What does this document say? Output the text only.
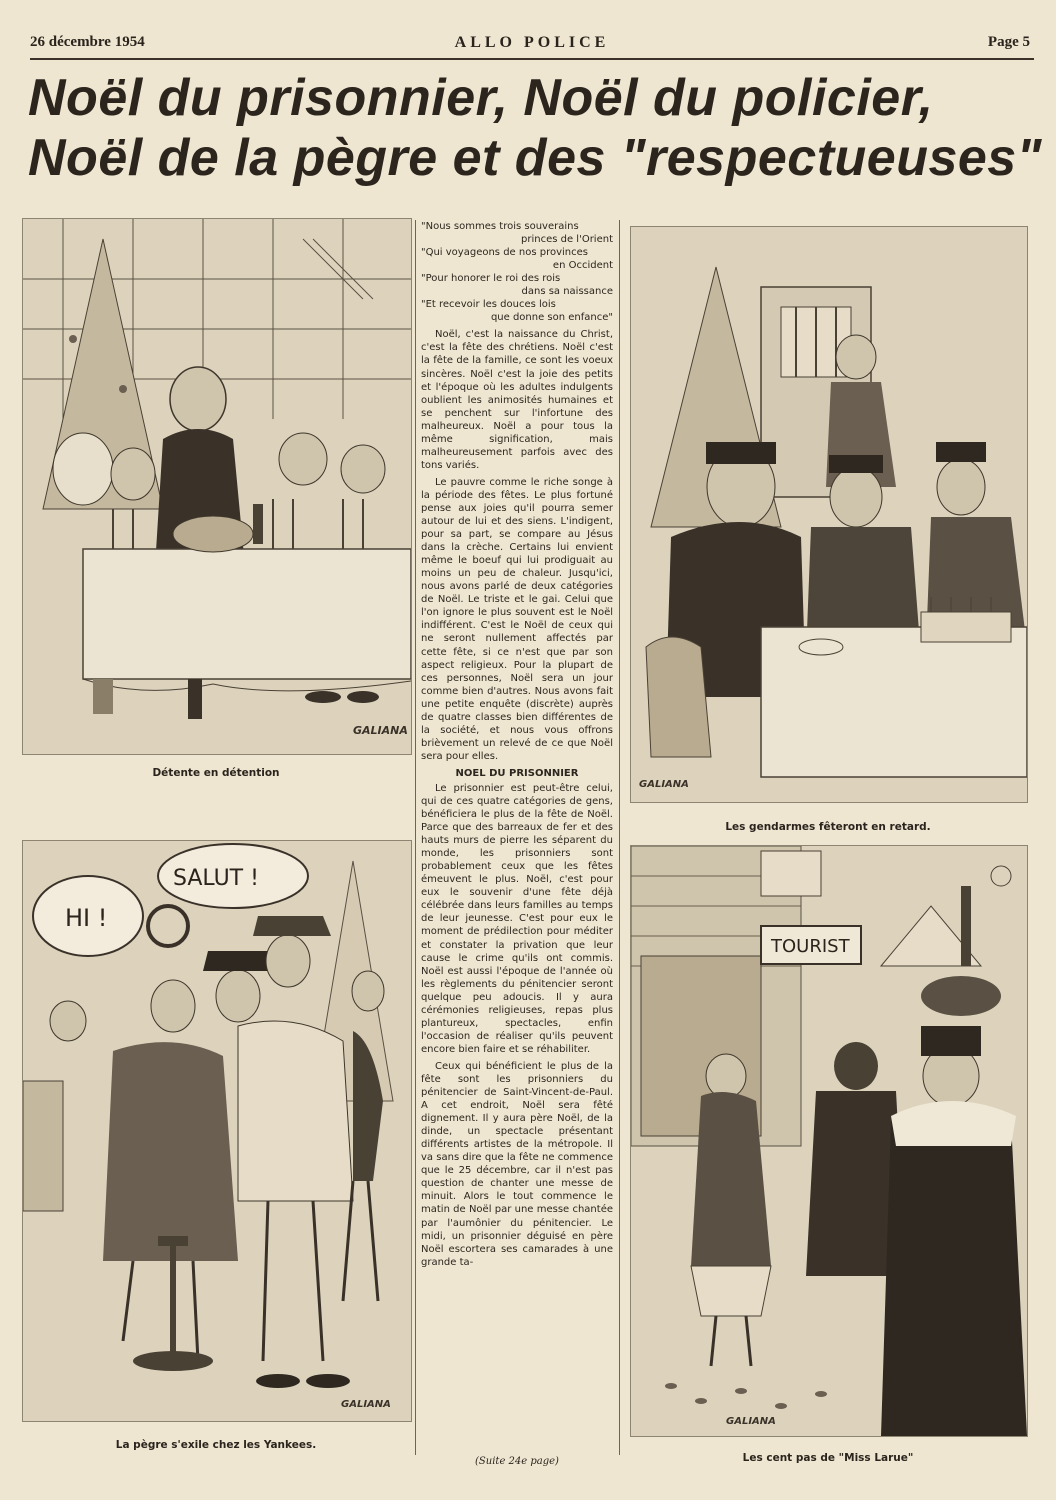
26 décembre 1954	ALLO POLICE	Page 5
Noël du prisonnier, Noël du policier,
Noël de la pègre et des "respectueuses"
GALIANA
Détente en détention
GALIANA
Les gendarmes fêteront en retard.
HI !
SALUT !
GALIANA
La pègre s'exile chez les Yankees.
TOURIST
GALIANA
Les cent pas de "Miss Larue"
"Nous sommes trois souverains
princes de l'Orient
"Qui voyageons de nos provinces
en Occident
"Pour honorer le roi des rois
dans sa naissance
"Et recevoir les douces lois
que donne son enfance"

Noël, c'est la naissance du Christ, c'est la fête des chrétiens. Noël c'est la fête de la famille, ce sont les voeux sincères. Noël c'est la joie des petits et l'époque où les adultes indulgents oublient les animosités humaines et se penchent sur l'infortune des malheureux. Noël a pour tous la même signification, mais malheureusement parfois avec des tons variés.

Le pauvre comme le riche songe à la période des fêtes. Le plus fortuné pense aux joies qu'il pourra semer autour de lui et des siens. L'indigent, pour sa part, se compare au Jésus dans la crèche. Certains lui envient même le boeuf qui lui prodiguait au moins un peu de chaleur. Jusqu'ici, nous avons parlé de deux catégories de Noël. Le triste et le gai. Celui que l'on ignore le plus souvent est le Noël indifférent. C'est le Noël de ceux qui ne seront nullement affectés par cette fête, si ce n'est que par son aspect religieux. Pour la plupart de ces personnes, Noël sera un jour comme bien d'autres. Nous avons fait une petite enquête (discrète) auprès de quatre classes bien différentes de la société, et nous vous offrons brièvement un relevé de ce que Noël sera pour elles.

NOEL DU PRISONNIER

Le prisonnier est peut-être celui, qui de ces quatre catégories de gens, bénéficiera le plus de la fête de Noël. Parce que des barreaux de fer et des hauts murs de pierre les séparent du monde, les prisonniers sont probablement ceux que les fêtes émeuvent le plus. Noël, c'est pour eux le souvenir d'une fête déjà célébrée dans leurs familles au temps de leur jeunesse. C'est pour eux le moment de prédilection pour méditer et constater la privation que leur cause le crime qu'ils ont commis. Noël est aussi l'époque de l'année où les règlements du pénitencier seront quelque peu adoucis. Il y aura cérémonies religieuses, repas plus plantureux, spectacles, enfin l'occasion de réaliser qu'ils peuvent encore bien faire et se réhabiliter.

Ceux qui bénéficient le plus de la fête sont les prisonniers du pénitencier de Saint-Vincent-de-Paul. A cet endroit, Noël sera fêté dignement. Il y aura père Noël, de la dinde, un spectacle présentant différents artistes de la métropole. Il va sans dire que la fête ne commence que le 25 décembre, car il n'est pas question de chanter une messe de minuit. Alors le tout commence le matin de Noël par une messe chantée par l'aumônier du pénitencier. Le midi, un prisonnier déguisé en père Noël escortera ses camarades à une grande ta-

(Suite 24e page)
